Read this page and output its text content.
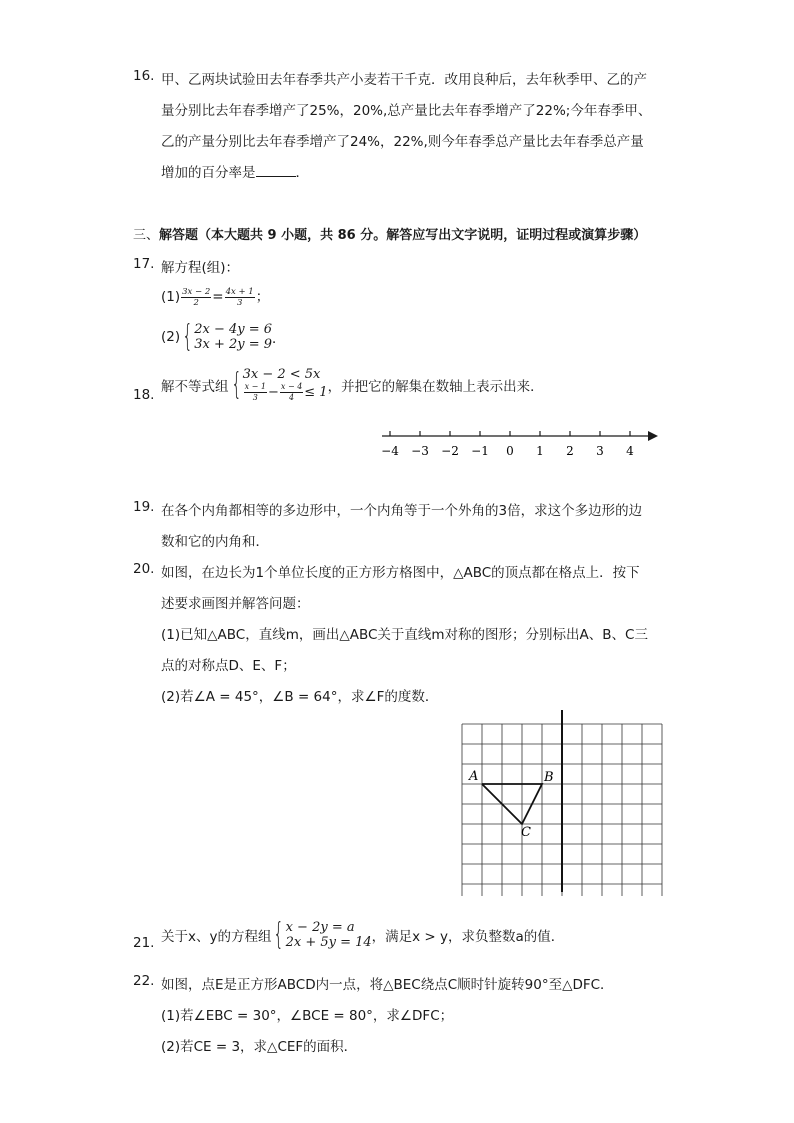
16. 甲、乙两块试验田去年春季共产小麦若干千克．改用良种后，去年秋季甲、乙的产
量分别比去年春季增产了25%，20%,总产量比去年春季增产了22%;今年春季甲、
乙的产量分别比去年春季增产了24%，22%,则今年春季总产量比去年春季总产量
增加的百分率是	．
三、解答题（本大题共 9 小题，共 86 分。解答应写出文字说明，证明过程或演算步骤）
17. 解方程(组)：
$(1) \frac{3x - 2}{2} = \frac{4x + 1}{3}$ ；
(2){ 2x − 4y = 6
3x + 2y = 9 ．
18. 解不等式组{ 3x − 2 < 5x
$\frac{x - 1}{3} - \frac{x - 4}{4} \le 1$ ，并把它的解集在数轴上表示出来．
−4 −3 −2 −1 0 1 2 3 4
19. 在各个内角都相等的多边形中，一个内角等于一个外角的3倍，求这个多边形的边
数和它的内角和．
20. 如图，在边长为1个单位长度的正方形方格图中，△ABC的顶点都在格点上．按下
述要求画图并解答问题：
(1)已知△ABC，直线m，画出△ABC关于直线m对称的图形；分别标出A、B、C三
点的对称点D、E、F；
(2)若∠A = 45°，∠B = 64°，求∠F的度数．
A	B
C
21. 关于x、y的方程组{ x − 2y = a
2x + 5y = 14 ，满足x > y，求负整数a的值．
22. 如图，点E是正方形ABCD内一点，将△BEC绕点C顺时针旋转90°至△DFC．
(1)若∠EBC = 30°，∠BCE = 80°，求∠DFC；
(2)若CE = 3，求△CEF的面积．
